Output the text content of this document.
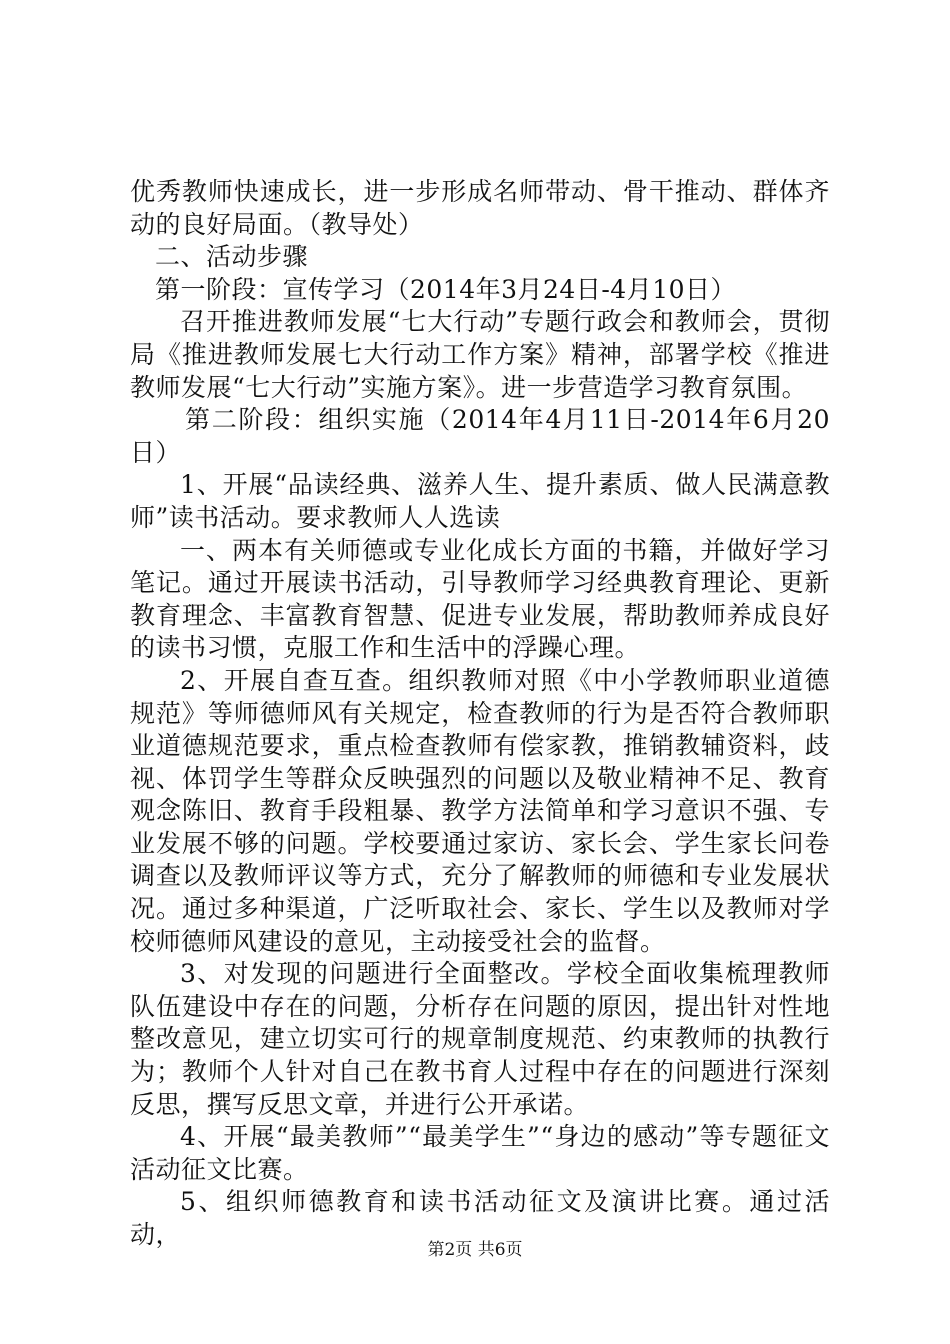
优秀教师快速成长，进一步形成名师带动、骨干推动、群体齐动的良好局面。（教导处）

二、活动步骤

第一阶段：宣传学习（2014年3月24日-4月10日）

召开推进教师发展“七大行动”专题行政会和教师会，贯彻局《推进教师发展七大行动工作方案》精神，部署学校《推进教师发展“七大行动”实施方案》。进一步营造学习教育氛围。

第二阶段：组织实施（2014年4月11日-2014年6月20日）

1、开展“品读经典、滋养人生、提升素质、做人民满意教师”读书活动。要求教师人人选读

一、两本有关师德或专业化成长方面的书籍，并做好学习笔记。通过开展读书活动，引导教师学习经典教育理论、更新教育理念、丰富教育智慧、促进专业发展，帮助教师养成良好的读书习惯，克服工作和生活中的浮躁心理。

2、开展自查互查。组织教师对照《中小学教师职业道德规范》等师德师风有关规定，检查教师的行为是否符合教师职业道德规范要求，重点检查教师有偿家教，推销教辅资料，歧视、体罚学生等群众反映强烈的问题以及敬业精神不足、教育观念陈旧、教育手段粗暴、教学方法简单和学习意识不强、专业发展不够的问题。学校要通过家访、家长会、学生家长问卷调查以及教师评议等方式，充分了解教师的师德和专业发展状况。通过多种渠道，广泛听取社会、家长、学生以及教师对学校师德师风建设的意见，主动接受社会的监督。

3、对发现的问题进行全面整改。学校全面收集梳理教师队伍建设中存在的问题，分析存在问题的原因，提出针对性地整改意见，建立切实可行的规章制度规范、约束教师的执教行为；教师个人针对自己在教书育人过程中存在的问题进行深刻反思，撰写反思文章，并进行公开承诺。

4、开展“最美教师”“最美学生”“身边的感动”等专题征文活动征文比赛。

5、组织师德教育和读书活动征文及演讲比赛。通过活动，

第2页 共6页
